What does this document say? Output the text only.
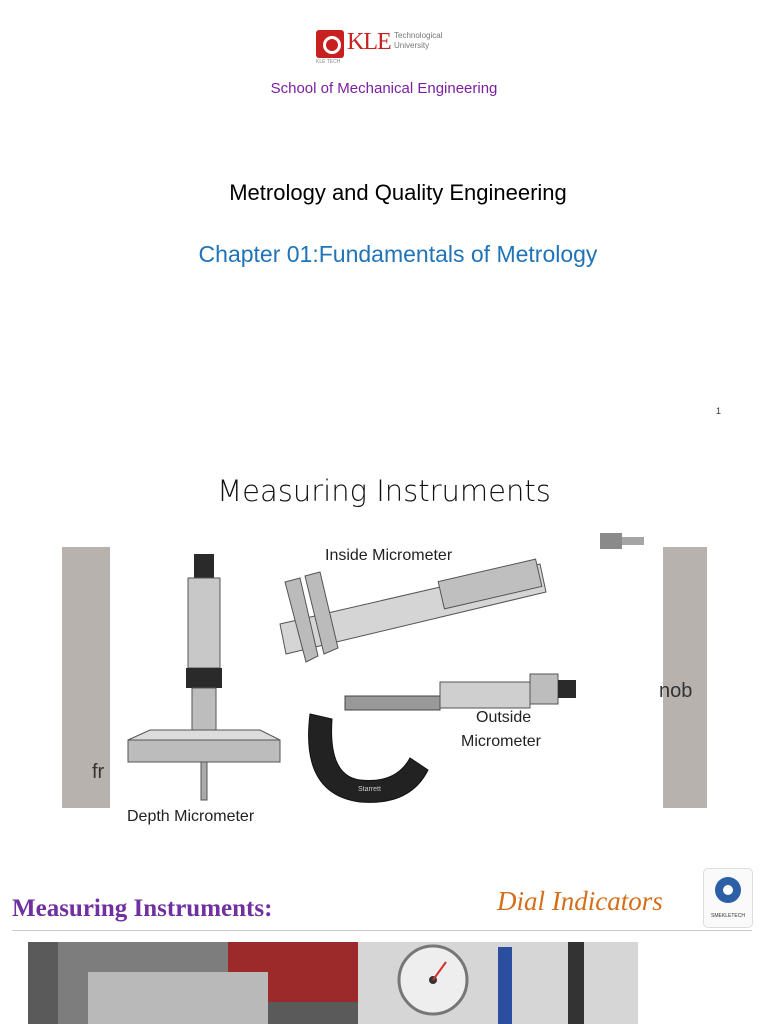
KLE Technological
University
KLE TECH
School of Mechanical Engineering
Metrology and Quality Engineering
Chapter 01:Fundamentals of Metrology
1
Measuring Instruments
fr
nob
Starrett
Inside Micrometer
Outside
Micrometer
Depth Micrometer
Measuring Instruments:	Dial Indicators	SMEKLETECH
